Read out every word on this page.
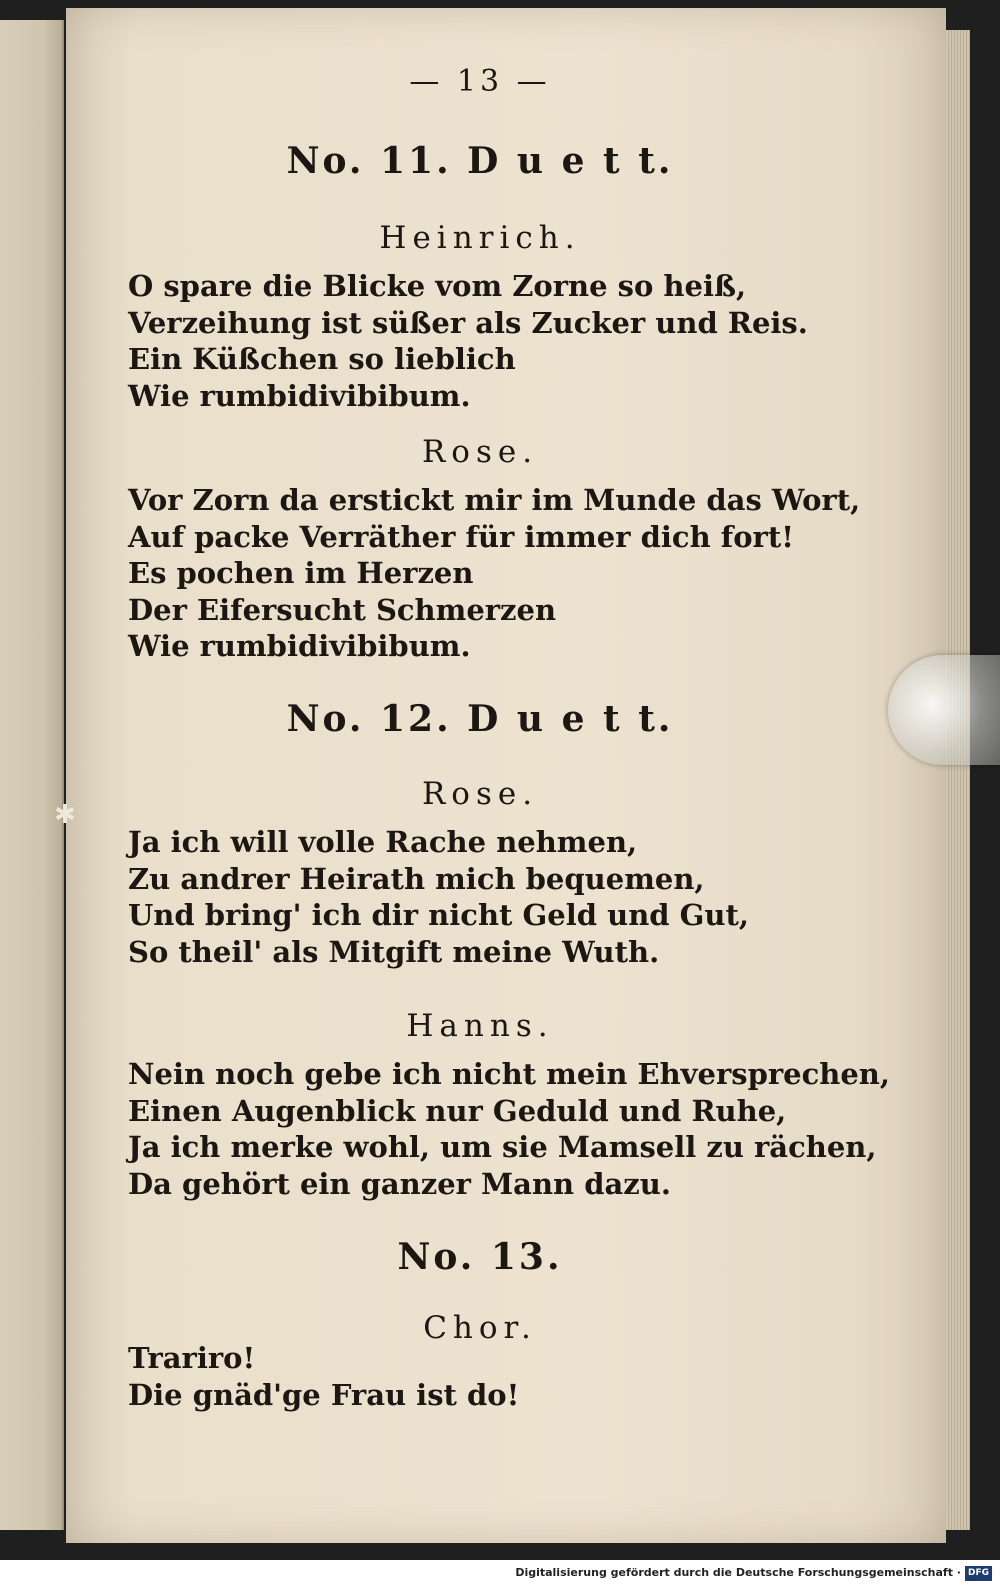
✱
— 13 —
No. 11. D u e t t.
Heinrich.
O spare die Blicke vom Zorne so heiß,
Verzeihung ist süßer als Zucker und Reis.
Ein Küßchen so lieblich
Wie rumbidivibibum.
Rose.
Vor Zorn da erstickt mir im Munde das Wort,
Auf packe Verräther für immer dich fort!
Es pochen im Herzen
Der Eifersucht Schmerzen
Wie rumbidivibibum.
No. 12. D u e t t.
Rose.
Ja ich will volle Rache nehmen,
Zu andrer Heirath mich bequemen,
Und bring' ich dir nicht Geld und Gut,
So theil' als Mitgift meine Wuth.
Hanns.
Nein noch gebe ich nicht mein Ehversprechen,
Einen Augenblick nur Geduld und Ruhe,
Ja ich merke wohl, um sie Mamsell zu rächen,
Da gehört ein ganzer Mann dazu.
No. 13.
Chor.
Trariro!
Die gnäd'ge Frau ist do!
Digitalisierung gefördert durch die Deutsche Forschungsgemeinschaft · DFG
